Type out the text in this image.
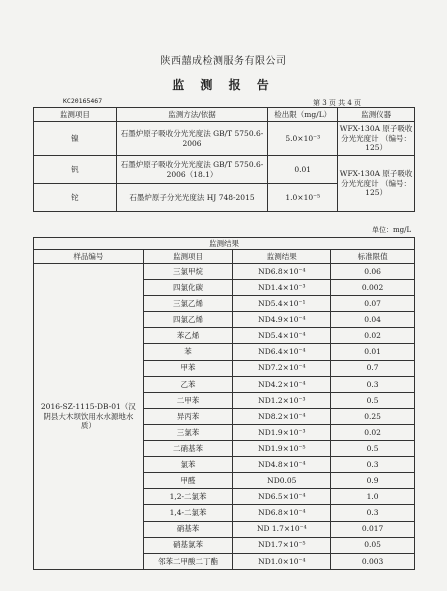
陕西囍成检测服务有限公司
监 测 报 告
KC20165467	第 3 页 共 4 页
监测项目	监测方法/依据	检出限（mg/L）	监测仪器
镍	石墨炉原子吸收分光光度法 GB/T 5750.6-2006	5.0×10⁻³	WFX-130A 原子吸收分光光度计 （编号：125）
钒	石墨炉原子吸收分光光度法 GB/T 5750.6-2006（18.1）	0.01	WFX-130A 原子吸收分光光度计 （编号：125）
铊	石墨炉原子分光光度法 HJ 748-2015	1.0×10⁻⁵	
单位：mg/L
监测结果			
样品编号	监测项目	监测结果	标准限值
2016-SZ-1115-DB-01（汉阴县大木坝饮用水水源地水质）	三氯甲烷	ND6.8×10⁻⁴	0.06
	四氯化碳	ND1.4×10⁻³	0.002
	三氯乙烯	ND5.4×10⁻¹	0.07
	四氯乙烯	ND4.9×10⁻⁴	0.04
	苯乙烯	ND5.4×10⁻⁴	0.02
	苯	ND6.4×10⁻⁴	0.01
	甲苯	ND7.2×10⁻⁴	0.7
	乙苯	ND4.2×10⁻⁴	0.3
	二甲苯	ND1.2×10⁻³	0.5
	异丙苯	ND8.2×10⁻⁴	0.25
	三氯苯	ND1.9×10⁻³	0.02
	二硝基苯	ND1.9×10⁻⁵	0.5
	氯苯	ND4.8×10⁻⁴	0.3
	甲醛	ND0.05	0.9
	1,2-二氯苯	ND6.5×10⁻⁴	1.0
	1,4-二氯苯	ND6.8×10⁻⁴	0.3
	硝基苯	ND 1.7×10⁻⁴	0.017
	硝基氯苯	ND1.7×10⁻⁵	0.05
	邻苯二甲酸二丁酯	ND1.0×10⁻⁴	0.003
